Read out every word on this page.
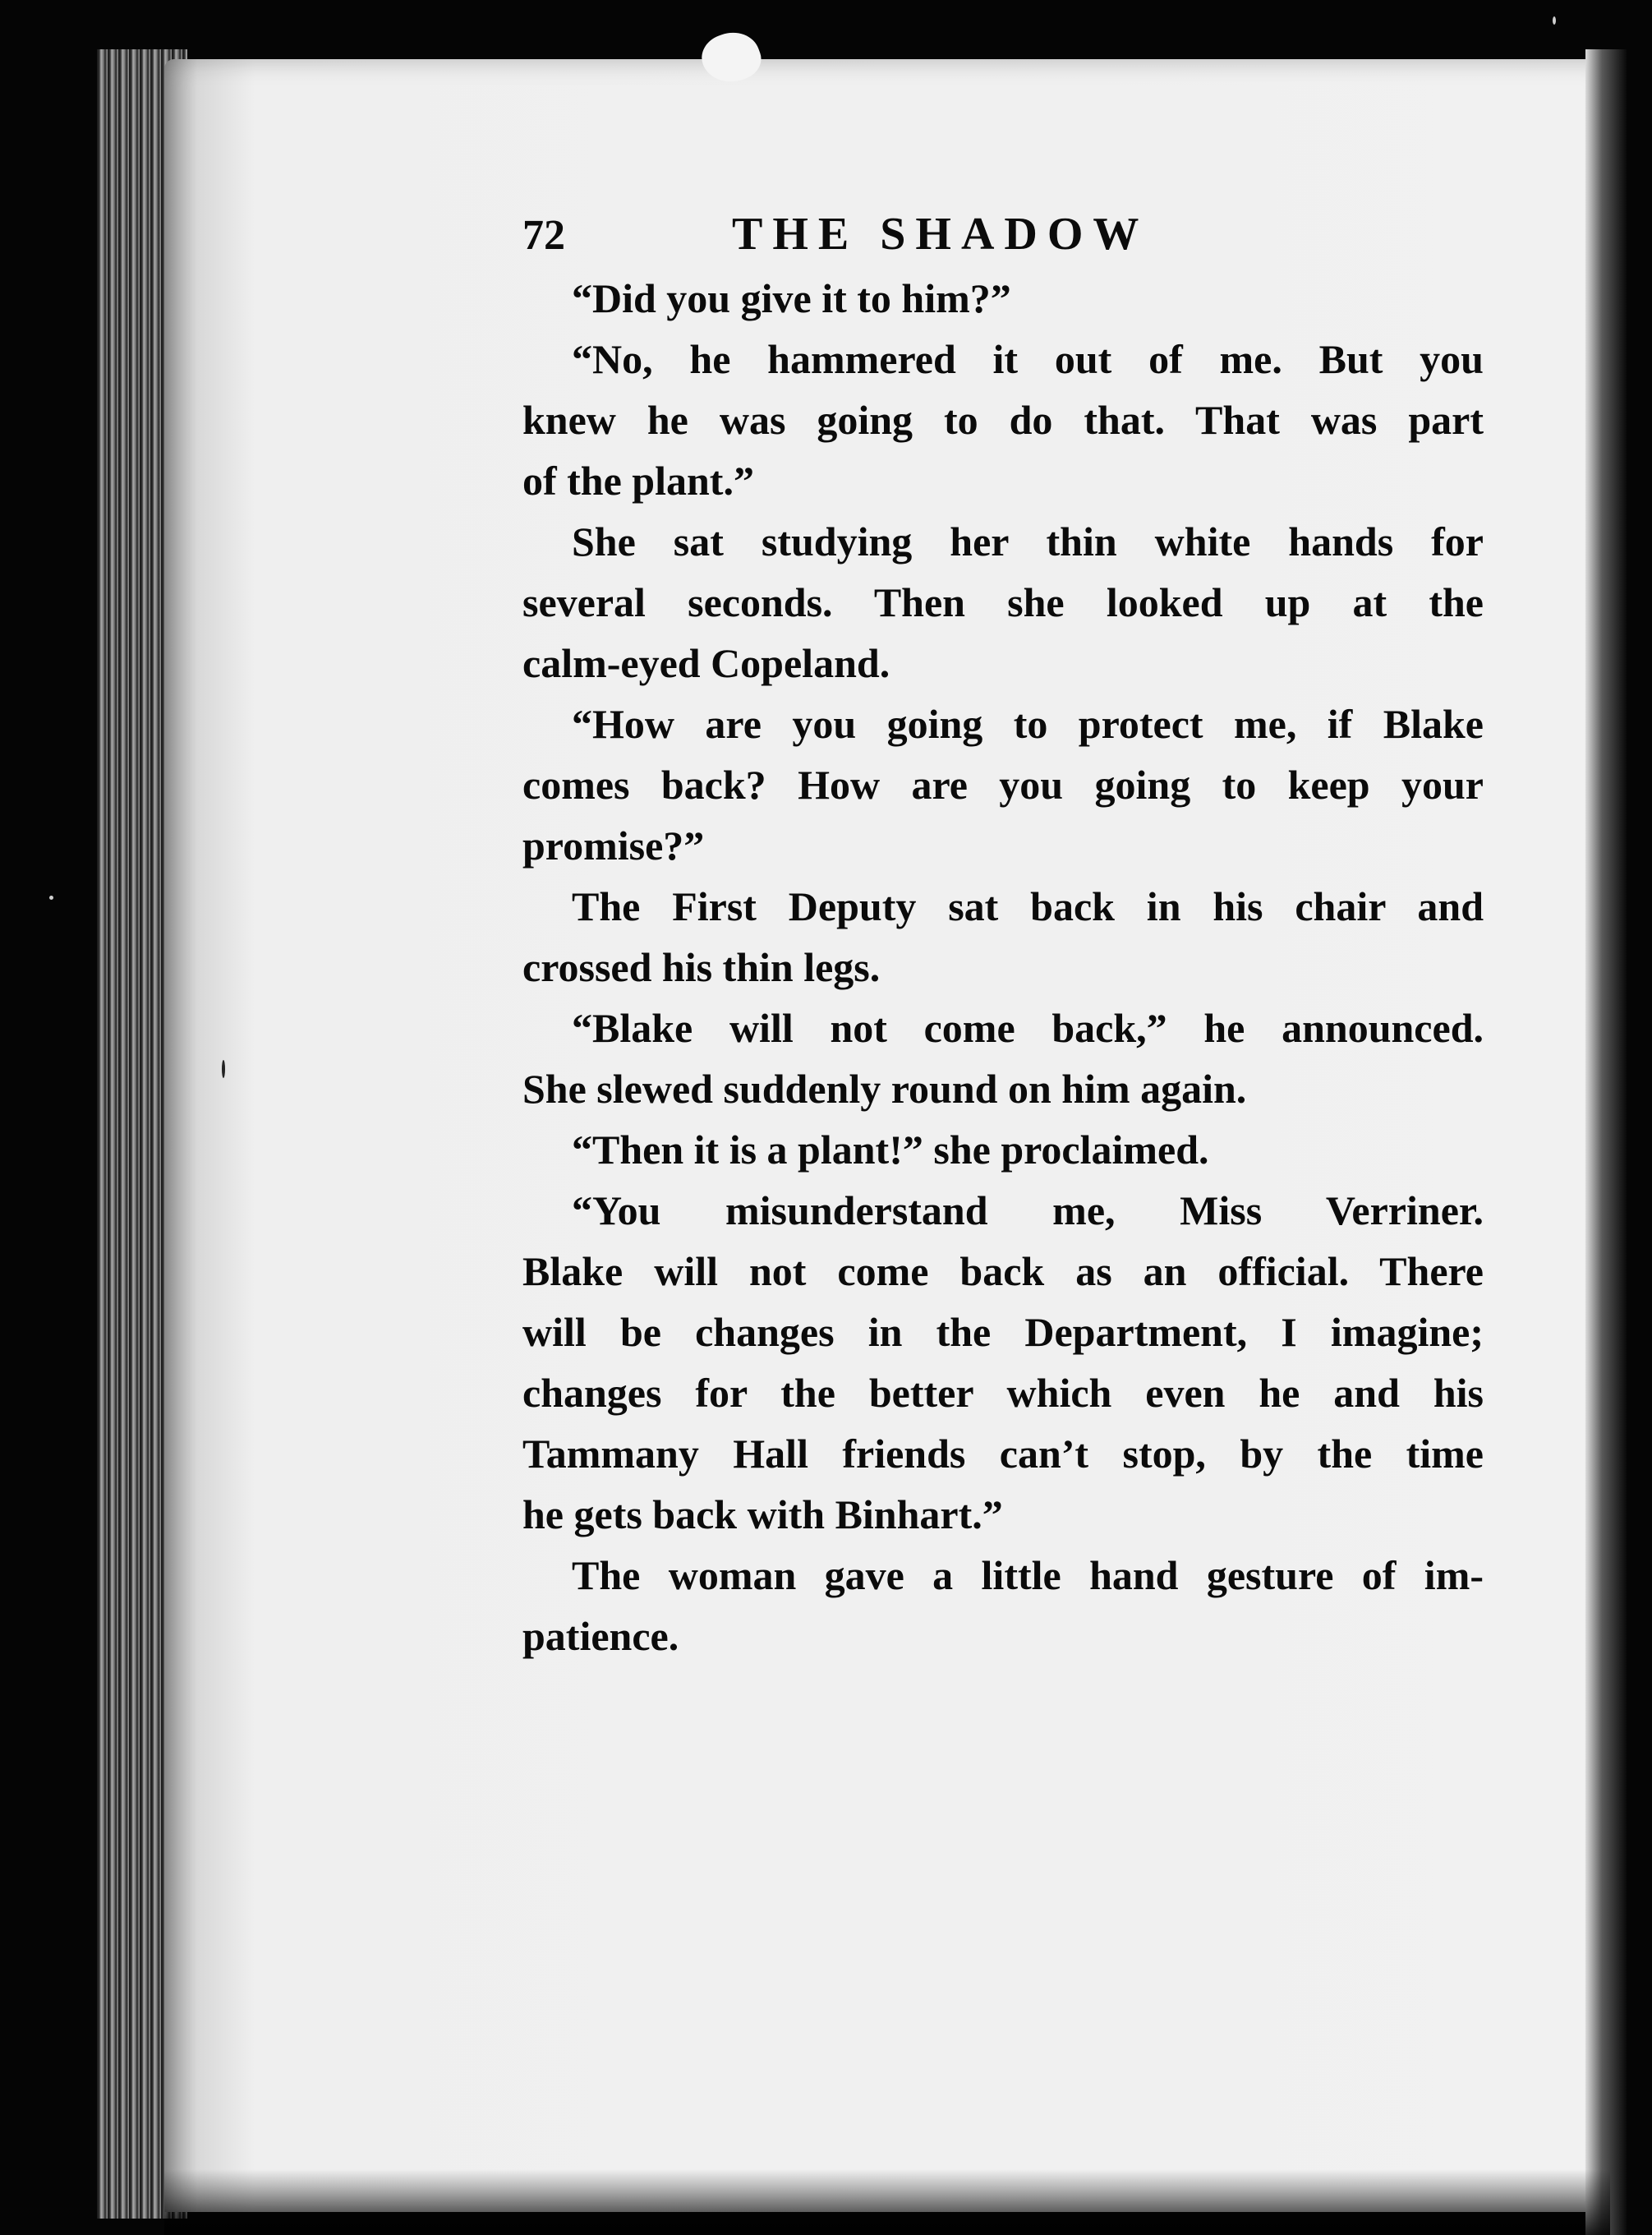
72	THE SHADOW
“Did you give it to him?”
“No, he hammered it out of me. But you
knew he was going to do that. That was part
of the plant.”
She sat studying her thin white hands for
several seconds. Then she looked up at the
calm-eyed Copeland.
“How are you going to protect me, if Blake
comes back? How are you going to keep your
promise?”
The First Deputy sat back in his chair and
crossed his thin legs.
“Blake will not come back,” he announced.
She slewed suddenly round on him again.
“Then it is a plant!” she proclaimed.
“You misunderstand me, Miss Verriner.
Blake will not come back as an official. There
will be changes in the Department, I imagine;
changes for the better which even he and his
Tammany Hall friends can’t stop, by the time
he gets back with Binhart.”
The woman gave a little hand gesture of im-
patience.
